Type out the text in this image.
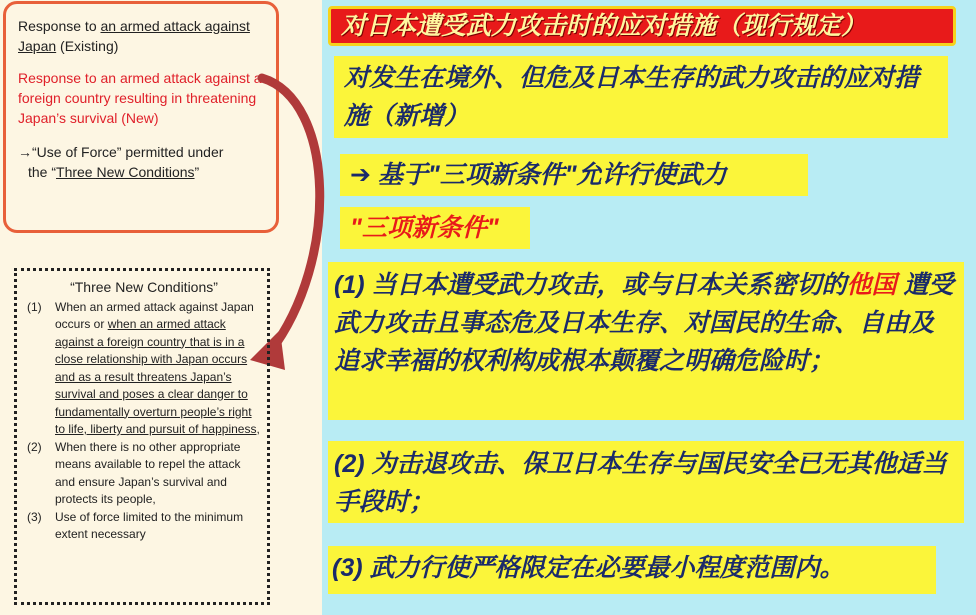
Response to an armed attack against Japan (Existing)

Response to an armed attack against a foreign country resulting in threatening Japan’s survival (New)

→“Use of Force” permitted under
the “Three New Conditions”

“Three New Conditions”
(1)	When an armed attack against Japan occurs or when an armed attack against a foreign country that is in a close relationship with Japan occurs and as a result threatens Japan’s survival and poses a clear danger to fundamentally overturn people’s right to life, liberty and pursuit of happiness,
(2)	When there is no other appropriate means available to repel the attack and ensure Japan’s survival and protects its people,
(3)	Use of force limited to the minimum extent necessary
对日本遭受武力攻击时的应对措施（现行规定）
对发生在境外、但危及日本生存的武力攻击的应对措施（新增）
➔ 基于"三项新条件"允许行使武力
"三项新条件"
(1) 当日本遭受武力攻击，或与日本关系密切的他国 遭受武力攻击且事态危及日本生存、对国民的生命、自由及追求幸福的权利构成根本颠覆之明确危险时；
(2) 为击退攻击、保卫日本生存与国民安全已无其他适当手段时；
(3) 武力行使严格限定在必要最小程度范围内。
